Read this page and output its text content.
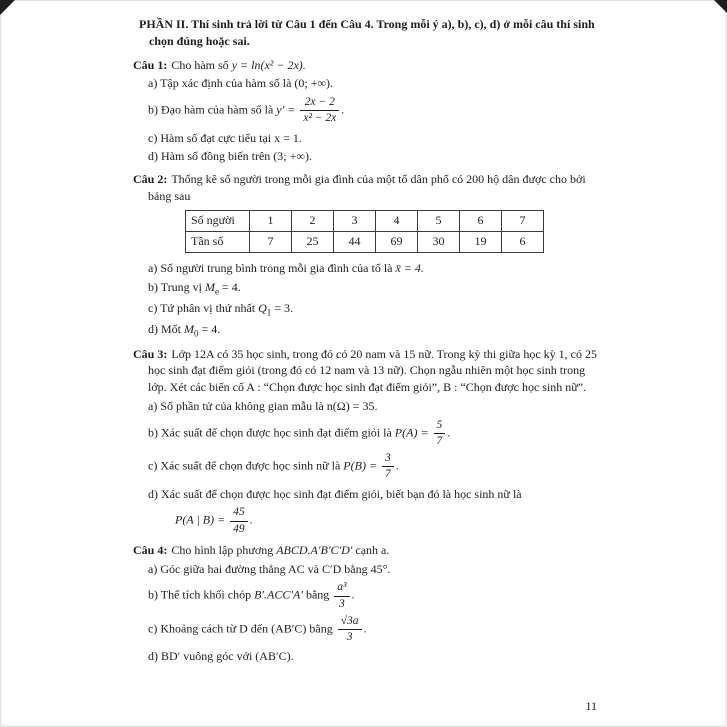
PHẦN II. Thí sinh trả lời từ Câu 1 đến Câu 4. Trong mỗi ý a), b), c), d) ở mỗi câu thí sinh chọn đúng hoặc sai.

Câu 1: Cho hàm số y = ln(x² − 2x).

a) Tập xác định của hàm số là (0; +∞).

b) Đạo hàm của hàm số là $y' = \frac{2x - 2}{\text{x² − 2x}}$ .

c) Hàm số đạt cực tiểu tại x = 1.

d) Hàm số đồng biến trên (3; +∞).

Câu 2: Thống kê số người trong mỗi gia đình của một tổ dân phố có 200 hộ dân được cho bởi bảng sau

Số người	1	2	3	4	5	6	7
Tần số	7	25	44	69	30	19	6

a) Số người trung bình trong mỗi gia đình của tổ là x̄ = 4.

b) Trung vị $M_e = 4$.

c) Tứ phân vị thứ nhất $Q_1 = 3$.

d) Mốt $M_0 = 4$.

Câu 3: Lớp 12A có 35 học sinh, trong đó có 20 nam và 15 nữ. Trong kỳ thi giữa học kỳ 1, có 25 học sinh đạt điểm giỏi (trong đó có 12 nam và 13 nữ). Chọn ngẫu nhiên một học sinh trong lớp. Xét các biến cố A : “Chọn được học sinh đạt điểm giỏi”, B : “Chọn được học sinh nữ”.

a) Số phần tử của không gian mẫu là n(Ω) = 35.

b) Xác suất để chọn được học sinh đạt điểm giỏi là $P(A) = \frac{5}{7}$ .

c) Xác suất để chọn được học sinh nữ là $P(B) = \frac{3}{7}$ .

d) Xác suất để chọn được học sinh đạt điểm giỏi, biết bạn đó là học sinh nữ là

P(A | $B) = \frac{45}{49}$ .

Câu 4: Cho hình lập phương ABCD.A′B′C′D′ cạnh a.

a) Góc giữa hai đường thẳng AC và C′D bằng 45°.

b) Thể tích khối chóp B′.ACC′A′ bằng $\frac{\text{a³}}{3}$ .

c) Khoảng cách từ D đến (AB′C) bằng $\frac{√3a}{3}$ .

d) BD′ vuông góc với (AB′C).

11
